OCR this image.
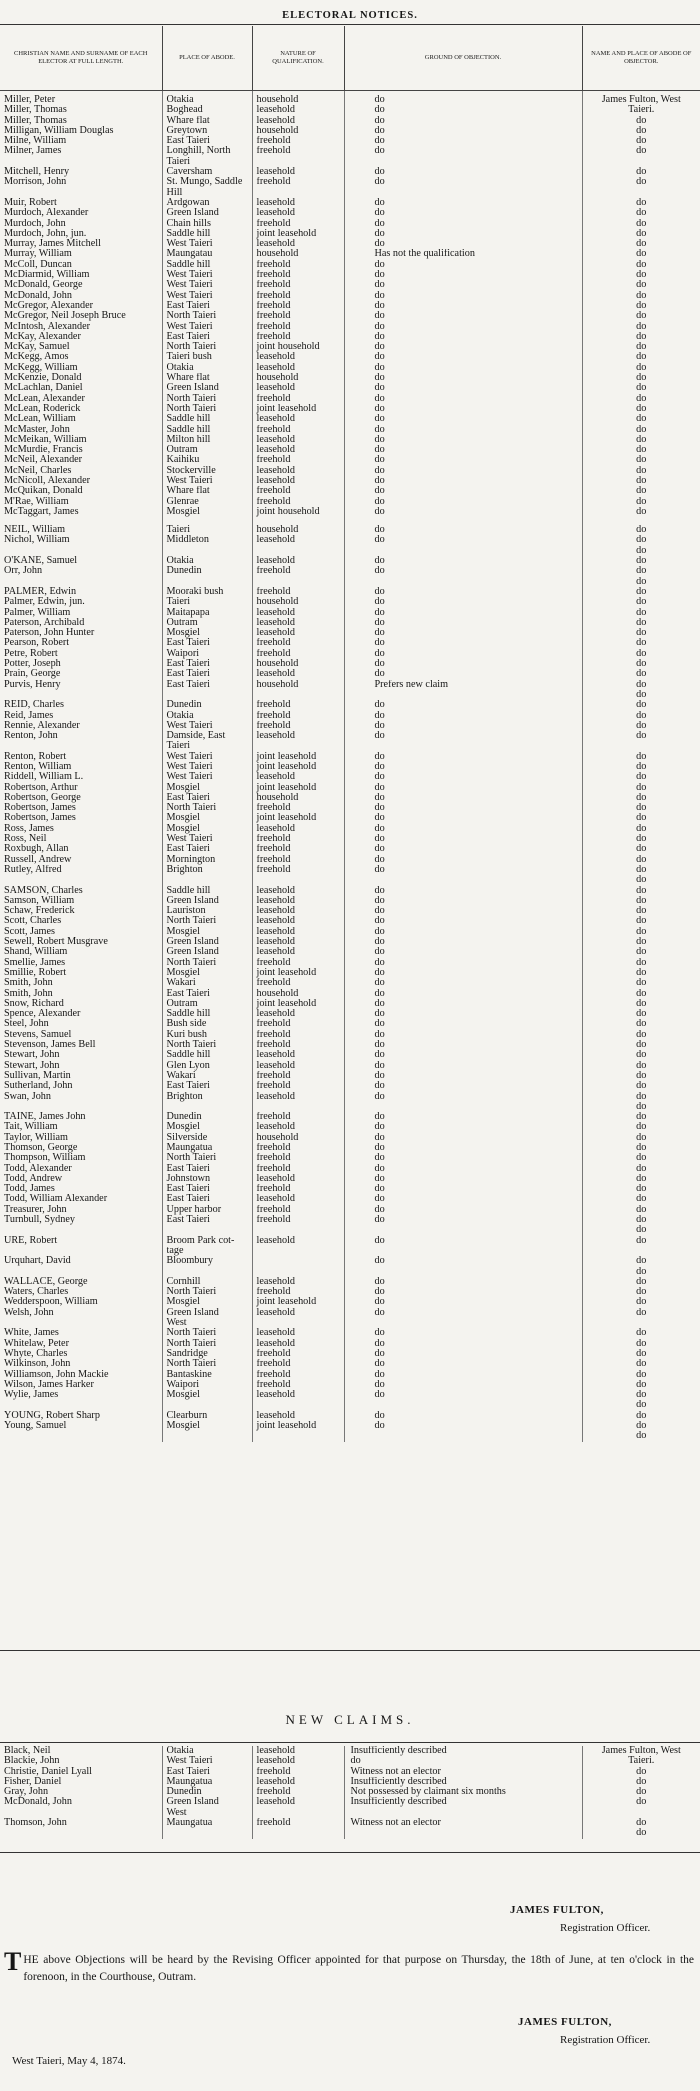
ELECTORAL NOTICES.
CHRISTIAN NAME AND SURNAME OF EACH ELECTOR AT FULL LENGTH.	PLACE OF ABODE.	NATURE OF QUALIFICATION.	GROUND OF OBJECTION.	NAME AND PLACE OF ABODE OF OBJECTOR.

Miller, Peter	Otakia	household	do	James Fulton, West
Miller, Thomas	Boghead	leasehold	do	Taieri.
Miller, Thomas	Whare flat	leasehold	do	do
Milligan, William Douglas	Greytown	household	do	do
Milne, William	East Taieri	freehold	do	do
Milner, James	Longhill, North	freehold	do	do
	Taieri			
Mitchell, Henry	Caversham	leasehold	do	do
Morrison, John	St. Mungo, Saddle	freehold	do	do
	Hill			
Muir, Robert	Ardgowan	leasehold	do	do
Murdoch, Alexander	Green Island	leasehold	do	do
Murdoch, John	Chain hills	freehold	do	do
Murdoch, John, jun.	Saddle hill	joint leasehold	do	do
Murray, James Mitchell	West Taieri	leasehold	do	do
Murray, William	Maungatau	household	Has not the qualification	do
McColl, Duncan	Saddle hill	freehold	do	do
McDiarmid, William	West Taieri	freehold	do	do
McDonald, George	West Taieri	freehold	do	do
McDonald, John	West Taieri	freehold	do	do
McGregor, Alexander	East Taieri	freehold	do	do
McGregor, Neil Joseph Bruce	North Taieri	freehold	do	do
McIntosh, Alexander	West Taieri	freehold	do	do
McKay, Alexander	East Taieri	freehold	do	do
McKay, Samuel	North Taieri	joint household	do	do
McKegg, Amos	Taieri bush	leasehold	do	do
McKegg, William	Otakia	leasehold	do	do
McKenzie, Donald	Whare flat	household	do	do
McLachlan, Daniel	Green Island	leasehold	do	do
McLean, Alexander	North Taieri	freehold	do	do
McLean, Roderick	North Taieri	joint leasehold	do	do
McLean, William	Saddle hill	leasehold	do	do
McMaster, John	Saddle hill	freehold	do	do
McMeikan, William	Milton hill	leasehold	do	do
McMurdie, Francis	Outram	leasehold	do	do
McNeil, Alexander	Kaihiku	freehold	do	do
McNeil, Charles	Stockerville	leasehold	do	do
McNicoll, Alexander	West Taieri	leasehold	do	do
McQuikan, Donald	Whare flat	freehold	do	do
M'Rae, William	Glenrae	freehold	do	do
McTaggart, James	Mosgiel	joint household	do	do

NEIL, William	Taieri	household	do	do
Nichol, William	Middleton	leasehold	do	do
				do
O'KANE, Samuel	Otakia	leasehold	do	do
Orr, John	Dunedin	freehold	do	do
				do
PALMER, Edwin	Mooraki bush	freehold	do	do
Palmer, Edwin, jun.	Taieri	household	do	do
Palmer, William	Maitapapa	leasehold	do	do
Paterson, Archibald	Outram	leasehold	do	do
Paterson, John Hunter	Mosgiel	leasehold	do	do
Pearson, Robert	East Taieri	freehold	do	do
Petre, Robert	Waipori	freehold	do	do
Potter, Joseph	East Taieri	household	do	do
Prain, George	East Taieri	leasehold	do	do
Purvis, Henry	East Taieri	household	Prefers new claim	do
				do
REID, Charles	Dunedin	freehold	do	do
Reid, James	Otakia	freehold	do	do
Rennie, Alexander	West Taieri	freehold	do	do
Renton, John	Damside, East	leasehold	do	do
	Taieri			
Renton, Robert	West Taieri	joint leasehold	do	do
Renton, William	West Taieri	joint leasehold	do	do
Riddell, William L.	West Taieri	leasehold	do	do
Robertson, Arthur	Mosgiel	joint leasehold	do	do
Robertson, George	East Taieri	household	do	do
Robertson, James	North Taieri	freehold	do	do
Robertson, James	Mosgiel	joint leasehold	do	do
Ross, James	Mosgiel	leasehold	do	do
Ross, Neil	West Taieri	freehold	do	do
Roxbugh, Allan	East Taieri	freehold	do	do
Russell, Andrew	Mornington	freehold	do	do
Rutley, Alfred	Brighton	freehold	do	do
				do
SAMSON, Charles	Saddle hill	leasehold	do	do
Samson, William	Green Island	leasehold	do	do
Schaw, Frederick	Lauriston	leasehold	do	do
Scott, Charles	North Taieri	leasehold	do	do
Scott, James	Mosgiel	leasehold	do	do
Sewell, Robert Musgrave	Green Island	leasehold	do	do
Shand, William	Green Island	leasehold	do	do
Smellie, James	North Taieri	freehold	do	do
Smillie, Robert	Mosgiel	joint leasehold	do	do
Smith, John	Wakari	freehold	do	do
Smith, John	East Taieri	household	do	do
Snow, Richard	Outram	joint leasehold	do	do
Spence, Alexander	Saddle hill	leasehold	do	do
Steel, John	Bush side	freehold	do	do
Stevens, Samuel	Kuri bush	freehold	do	do
Stevenson, James Bell	North Taieri	freehold	do	do
Stewart, John	Saddle hill	leasehold	do	do
Stewart, John	Glen Lyon	leasehold	do	do
Sullivan, Martin	Wakari	freehold	do	do
Sutherland, John	East Taieri	freehold	do	do
Swan, John	Brighton	leasehold	do	do
				do
TAINE, James John	Dunedin	freehold	do	do
Tait, William	Mosgiel	leasehold	do	do
Taylor, William	Silverside	household	do	do
Thomson, George	Maungatua	freehold	do	do
Thompson, William	North Taieri	freehold	do	do
Todd, Alexander	East Taieri	freehold	do	do
Todd, Andrew	Johnstown	leasehold	do	do
Todd, James	East Taieri	freehold	do	do
Todd, William Alexander	East Taieri	leasehold	do	do
Treasurer, John	Upper harbor	freehold	do	do
Turnbull, Sydney	East Taieri	freehold	do	do
				do
URE, Robert	Broom Park cot-	leasehold	do	do
	tage			
Urquhart, David	Bloombury		do	do
				do
WALLACE, George	Cornhill	leasehold	do	do
Waters, Charles	North Taieri	freehold	do	do
Wedderspoon, William	Mosgiel	joint leasehold	do	do
Welsh, John	Green Island	leasehold	do	do
	West			
White, James	North Taieri	leasehold	do	do
Whitelaw, Peter	North Taieri	leasehold	do	do
Whyte, Charles	Sandridge	freehold	do	do
Wilkinson, John	North Taieri	freehold	do	do
Williamson, John Mackie	Bantaskine	freehold	do	do
Wilson, James Harker	Waipori	freehold	do	do
Wylie, James	Mosgiel	leasehold	do	do
				do
YOUNG, Robert Sharp	Clearburn	leasehold	do	do
Young, Samuel	Mosgiel	joint leasehold	do	do
				do
NEW CLAIMS.
Black, Neil	Otakia	leasehold	Insufficiently described	James Fulton, West
Blackie, John	West Taieri	leasehold	do	Taieri.
Christie, Daniel Lyall	East Taieri	freehold	Witness not an elector	do
Fisher, Daniel	Maungatua	leasehold	Insufficiently described	do
Gray, John	Dunedin	freehold	Not possessed by claimant six months	do
McDonald, John	Green Island	leasehold	Insufficiently described	do
	West			
Thomson, John	Maungatua	freehold	Witness not an elector	do
				do
JAMES FULTON,
Registration Officer.
THE above Objections will be heard by the Revising Officer appointed for that purpose on Thursday, the 18th of June, at ten o'clock in the forenoon, in the Courthouse, Outram.
JAMES FULTON,
Registration Officer.
West Taieri, May 4, 1874.
